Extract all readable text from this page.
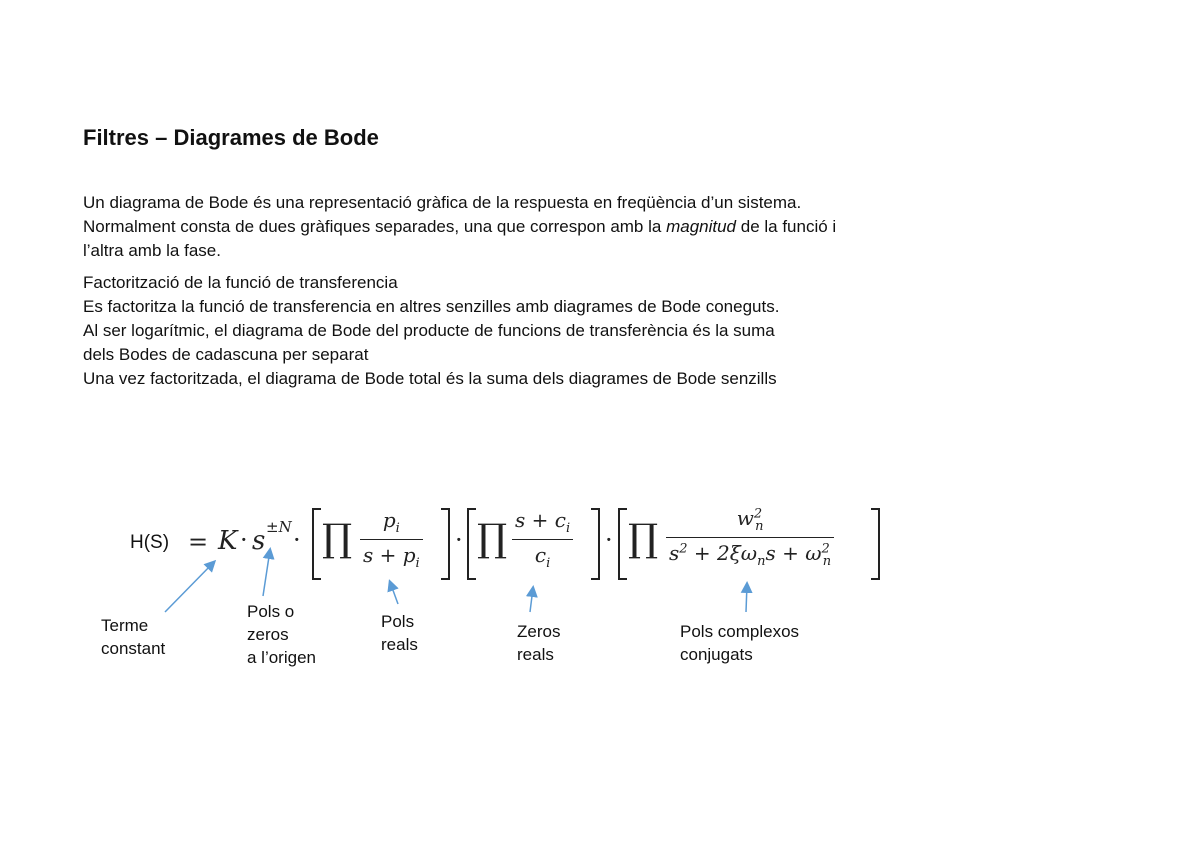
Filtres – Diagrames de Bode
Un diagrama de Bode és una representació gràfica de la respuesta en freqüència d’un sistema.
Normalment consta de dues gràfiques separades, una que correspon amb la magnitud de la funció i
l’altra amb la fase.
Factorització de la funció de transferencia
Es factoritza la funció de transferencia en altres senzilles amb diagrames de Bode coneguts.
Al ser logarítmic, el diagrama de Bode del producte de funcions de transferència és la suma
dels Bodes de cadascuna per separat
Una vez factoritzada, el diagrama de Bode total és la suma dels diagrames de Bode senzills
H(S) = K · s ±N · ∏ $p_i$
$s + p_i$
· ∏ $s + c_i$
$c_i$
· ∏	$w^2_n$
$s^2 + 2\xi\omega_ns + \omega^2_n$
Terme
constant
Pols o
zeros
a l’origen
Pols
reals
Zeros
reals
Pols complexos
conjugats
